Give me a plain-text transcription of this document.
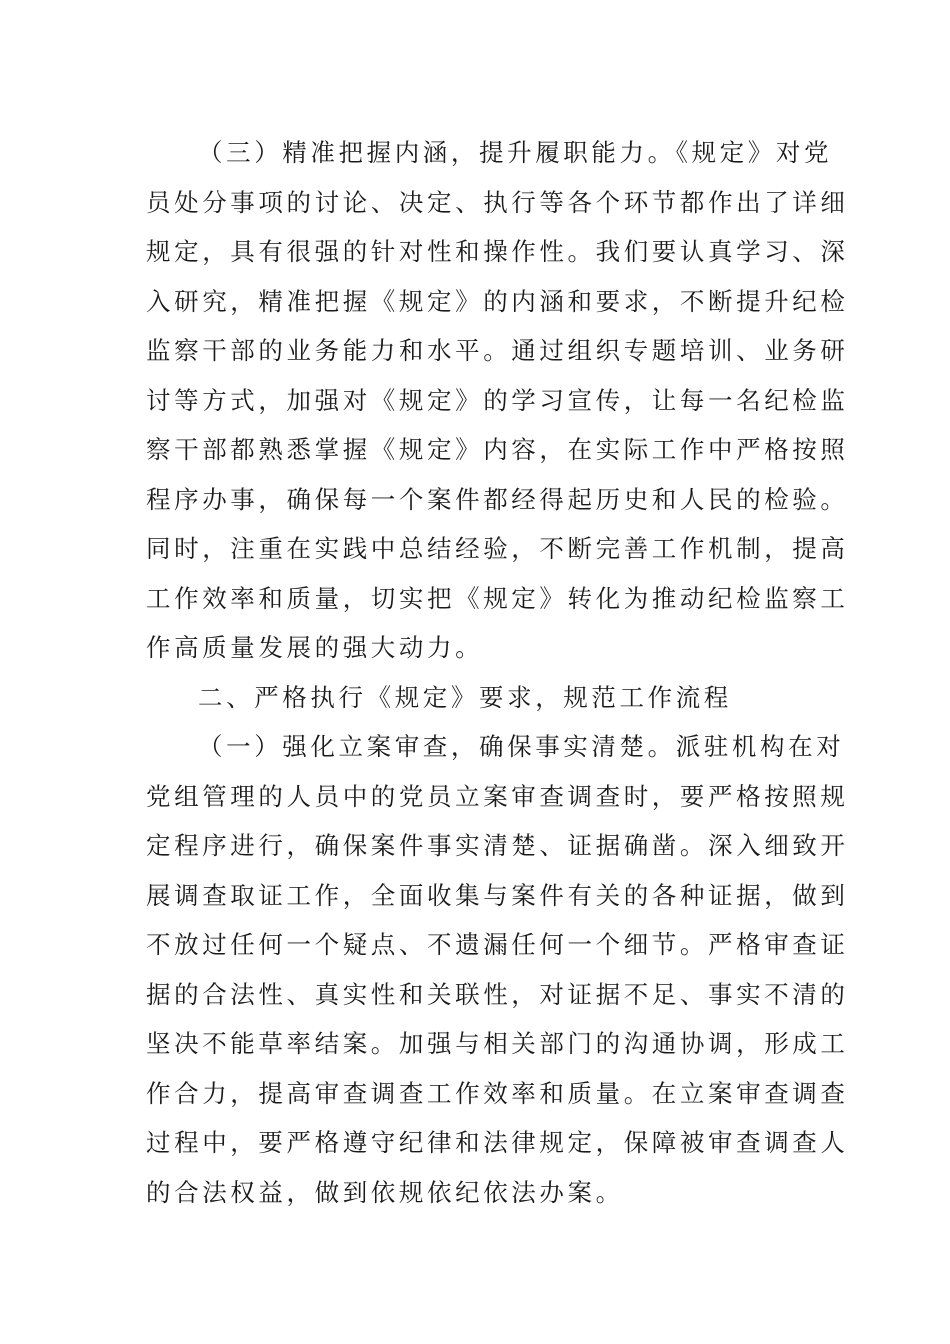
（三）精准把握内涵，提升履职能力。《规定》对党
员处分事项的讨论、决定、执行等各个环节都作出了详细
规定，具有很强的针对性和操作性。我们要认真学习、深
入研究，精准把握《规定》的内涵和要求，不断提升纪检
监察干部的业务能力和水平。通过组织专题培训、业务研
讨等方式，加强对《规定》的学习宣传，让每一名纪检监
察干部都熟悉掌握《规定》内容，在实际工作中严格按照
程序办事，确保每一个案件都经得起历史和人民的检验。
同时，注重在实践中总结经验，不断完善工作机制，提高
工作效率和质量，切实把《规定》转化为推动纪检监察工
作高质量发展的强大动力。
二、严格执行《规定》要求，规范工作流程
（一）强化立案审查，确保事实清楚。派驻机构在对
党组管理的人员中的党员立案审查调查时，要严格按照规
定程序进行，确保案件事实清楚、证据确凿。深入细致开
展调查取证工作，全面收集与案件有关的各种证据，做到
不放过任何一个疑点、不遗漏任何一个细节。严格审查证
据的合法性、真实性和关联性，对证据不足、事实不清的
坚决不能草率结案。加强与相关部门的沟通协调，形成工
作合力，提高审查调查工作效率和质量。在立案审查调查
过程中，要严格遵守纪律和法律规定，保障被审查调查人
的合法权益，做到依规依纪依法办案。
